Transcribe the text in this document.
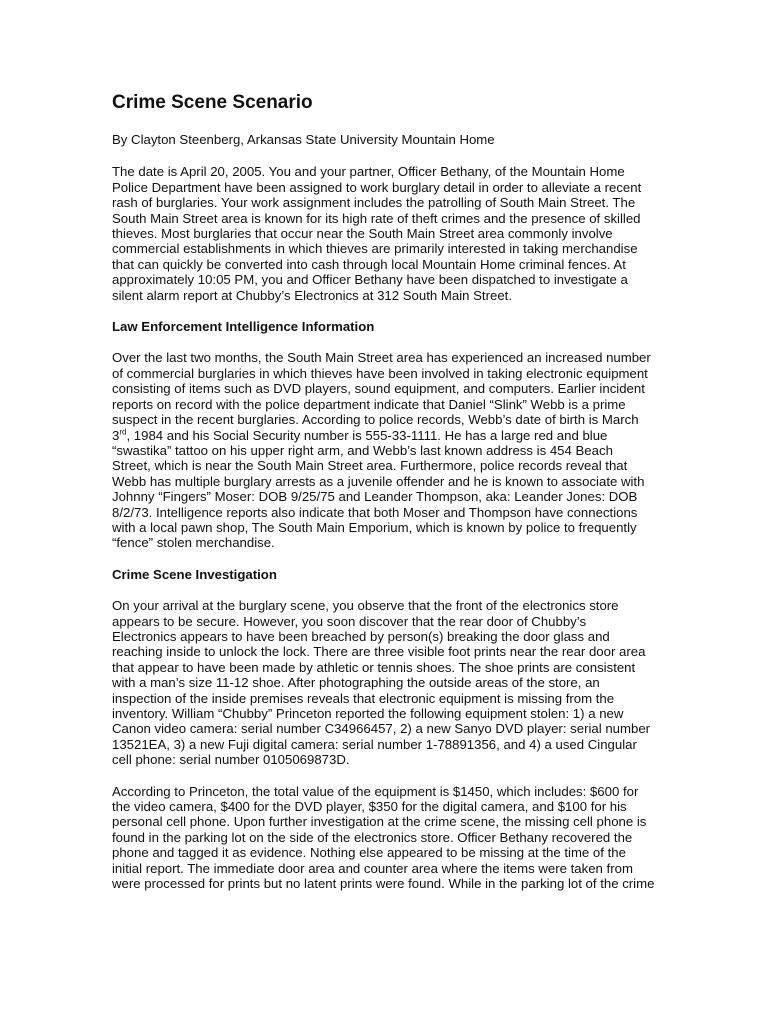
Crime Scene Scenario

By Clayton Steenberg, Arkansas State University Mountain Home

The date is April 20, 2005. You and your partner, Officer Bethany, of the Mountain Home
Police Department have been assigned to work burglary detail in order to alleviate a recent
rash of burglaries. Your work assignment includes the patrolling of South Main Street. The
South Main Street area is known for its high rate of theft crimes and the presence of skilled
thieves. Most burglaries that occur near the South Main Street area commonly involve
commercial establishments in which thieves are primarily interested in taking merchandise
that can quickly be converted into cash through local Mountain Home criminal fences. At
approximately 10:05 PM, you and Officer Bethany have been dispatched to investigate a
silent alarm report at Chubby’s Electronics at 312 South Main Street.

Law Enforcement Intelligence Information

Over the last two months, the South Main Street area has experienced an increased number
of commercial burglaries in which thieves have been involved in taking electronic equipment
consisting of items such as DVD players, sound equipment, and computers. Earlier incident
reports on record with the police department indicate that Daniel “Slink” Webb is a prime
suspect in the recent burglaries. According to police records, Webb’s date of birth is March
3rd, 1984 and his Social Security number is 555-33-1111. He has a large red and blue
“swastika” tattoo on his upper right arm, and Webb’s last known address is 454 Beach
Street, which is near the South Main Street area. Furthermore, police records reveal that
Webb has multiple burglary arrests as a juvenile offender and he is known to associate with
Johnny “Fingers” Moser: DOB 9/25/75 and Leander Thompson, aka: Leander Jones: DOB
8/2/73. Intelligence reports also indicate that both Moser and Thompson have connections
with a local pawn shop, The South Main Emporium, which is known by police to frequently
“fence” stolen merchandise.

Crime Scene Investigation

On your arrival at the burglary scene, you observe that the front of the electronics store
appears to be secure. However, you soon discover that the rear door of Chubby’s
Electronics appears to have been breached by person(s) breaking the door glass and
reaching inside to unlock the lock. There are three visible foot prints near the rear door area
that appear to have been made by athletic or tennis shoes. The shoe prints are consistent
with a man’s size 11-12 shoe. After photographing the outside areas of the store, an
inspection of the inside premises reveals that electronic equipment is missing from the
inventory. William “Chubby” Princeton reported the following equipment stolen: 1) a new
Canon video camera: serial number C34966457, 2) a new Sanyo DVD player: serial number
13521EA, 3) a new Fuji digital camera: serial number 1-78891356, and 4) a used Cingular
cell phone: serial number 0105069873D.

According to Princeton, the total value of the equipment is $1450, which includes: $600 for
the video camera, $400 for the DVD player, $350 for the digital camera, and $100 for his
personal cell phone. Upon further investigation at the crime scene, the missing cell phone is
found in the parking lot on the side of the electronics store. Officer Bethany recovered the
phone and tagged it as evidence. Nothing else appeared to be missing at the time of the
initial report. The immediate door area and counter area where the items were taken from
were processed for prints but no latent prints were found. While in the parking lot of the crime
